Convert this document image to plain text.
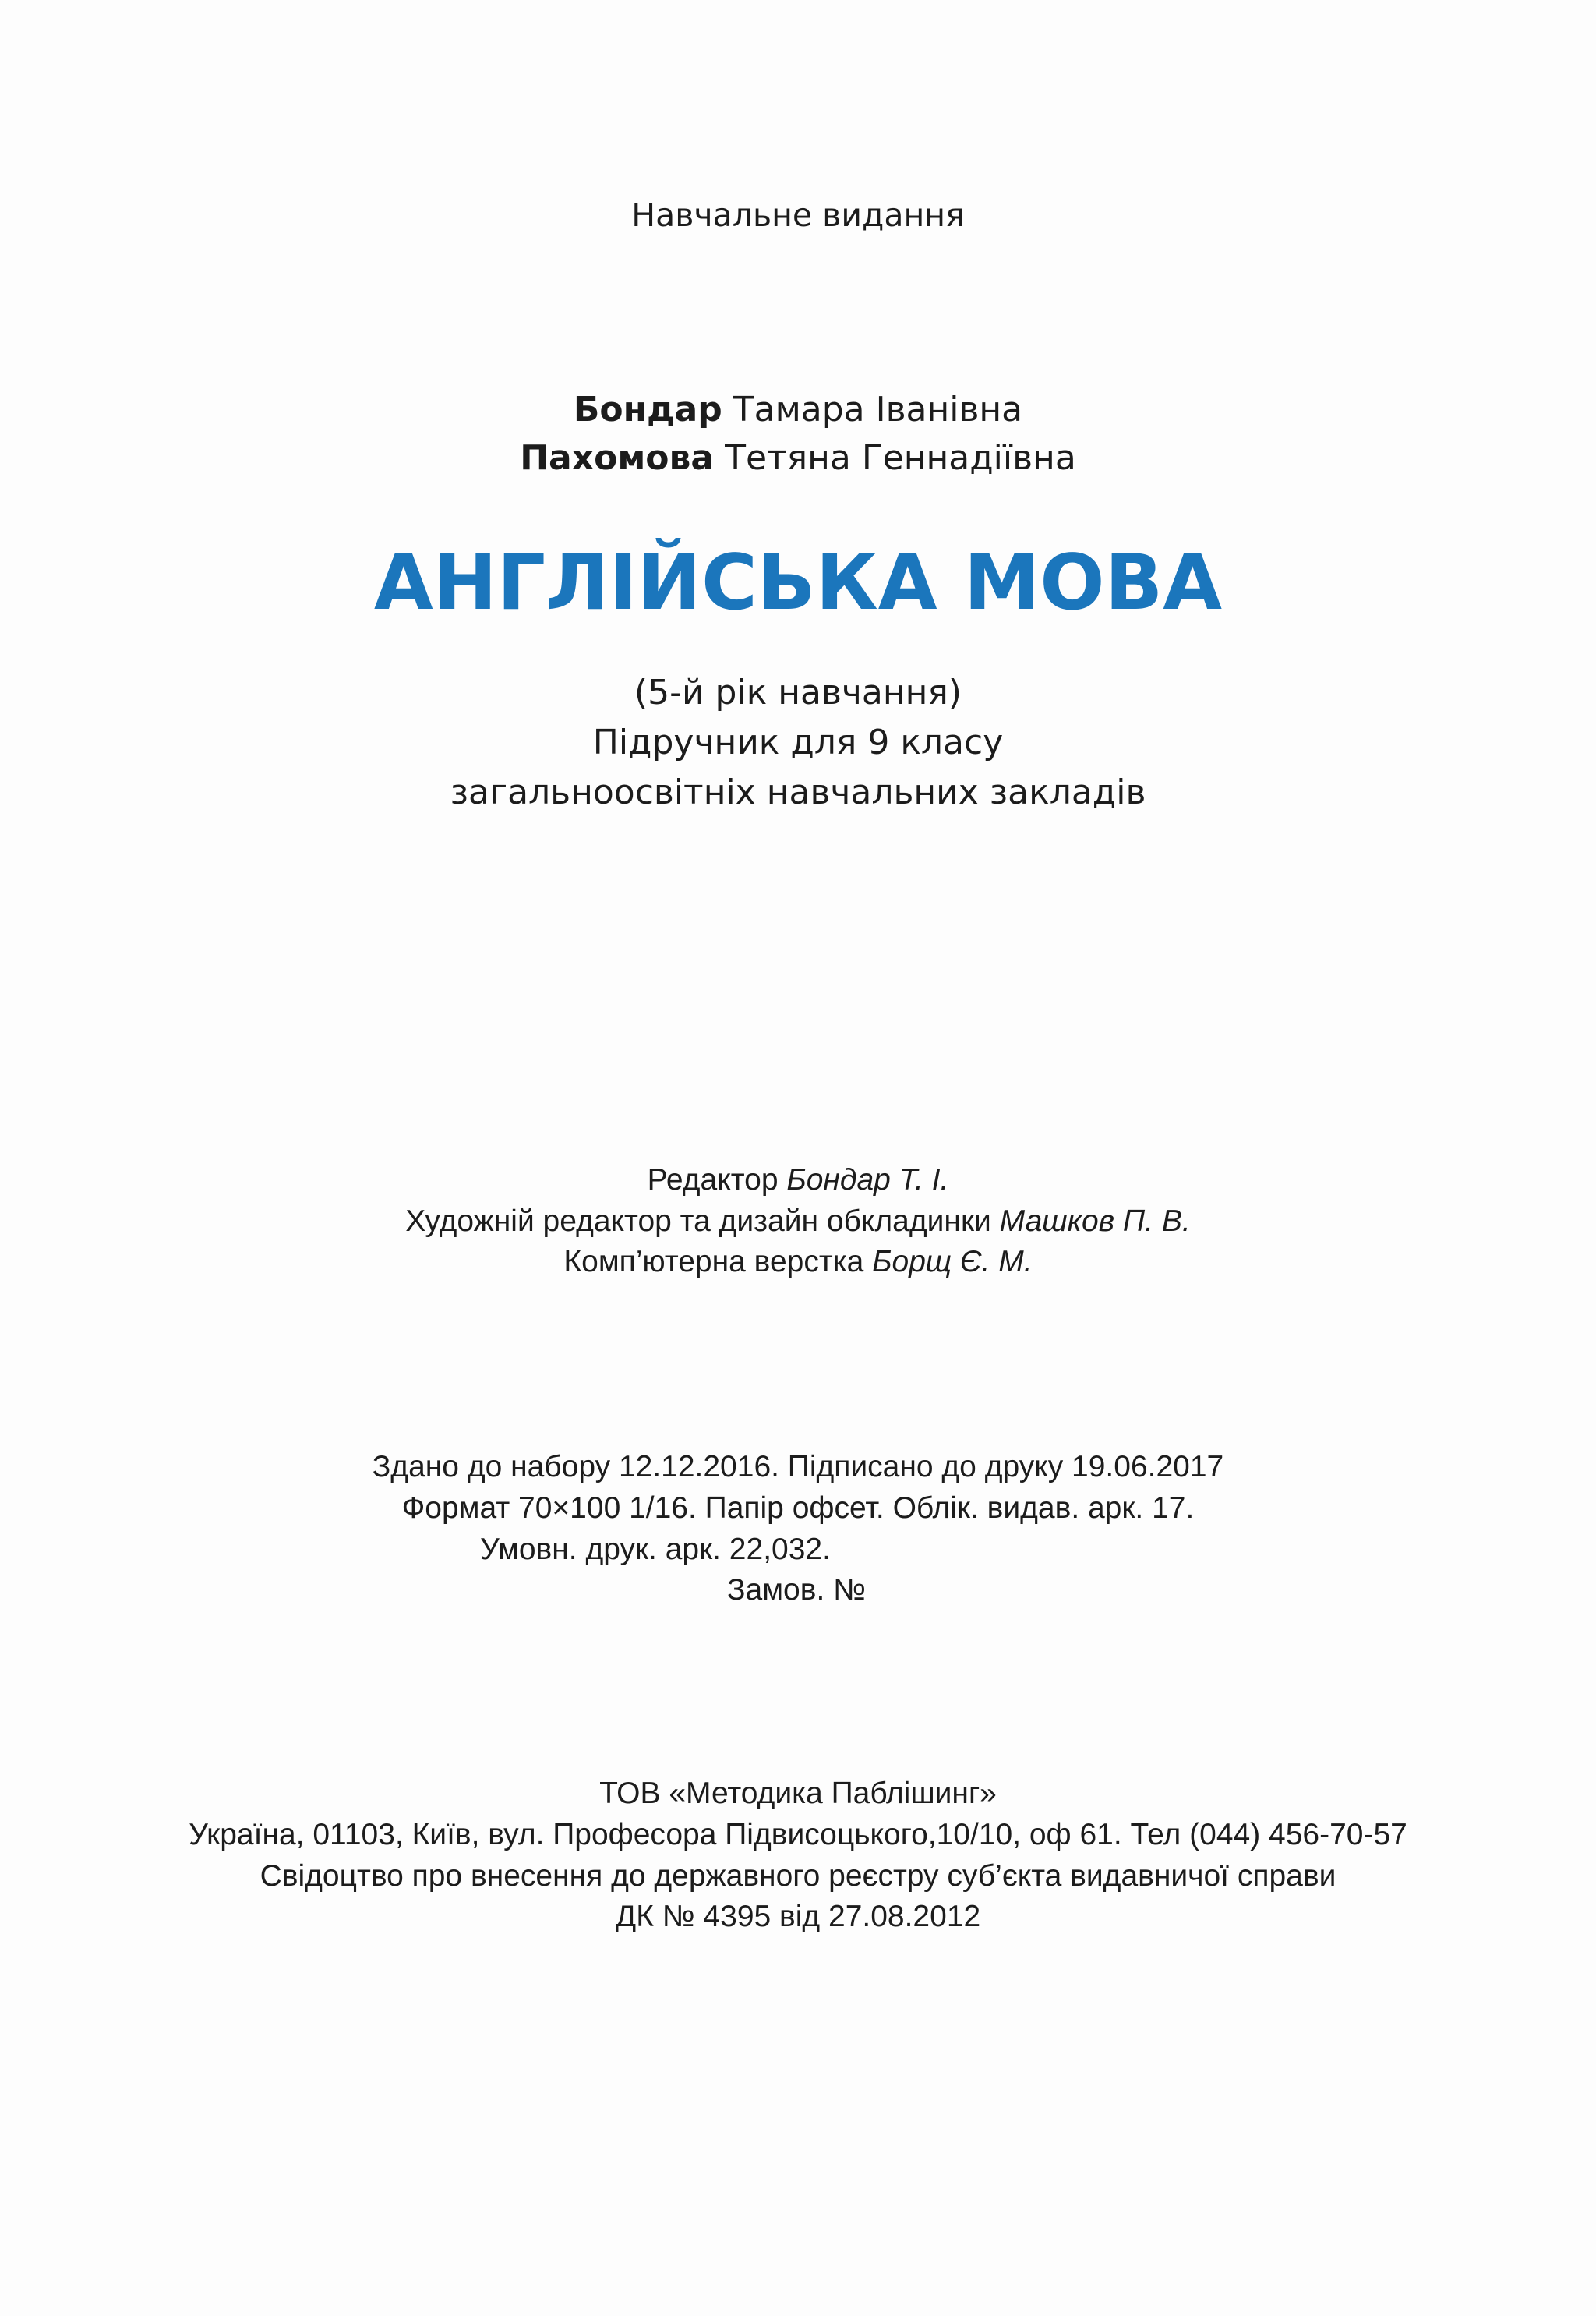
Навчальне видання
Бондар Тамара Іванівна
Пахомова Тетяна Геннадіївна
АНГЛІЙСЬКА МОВА
(5-й рік навчання)
Підручник для 9 класу
загальноосвітніх навчальних закладів
Редактор Бондар Т. І.
Художній редактор та дизайн обкладинки Машков П. В.
Комп’ютерна верстка Борщ Є. М.
Здано до набору 12.12.2016. Підписано до друку 19.06.2017
Формат 70×100 1/16. Папір офсет. Облік. видав. арк. 17.
Умовн. друк. арк. 22,032.
Замов. №
ТОВ «Методика Паблішинг»
Україна, 01103, Київ, вул. Професора Підвисоцького,10/10, оф 61. Тел (044) 456-70-57
Свідоцтво про внесення до державного реєстру суб’єкта видавничої справи
ДК № 4395 від 27.08.2012
